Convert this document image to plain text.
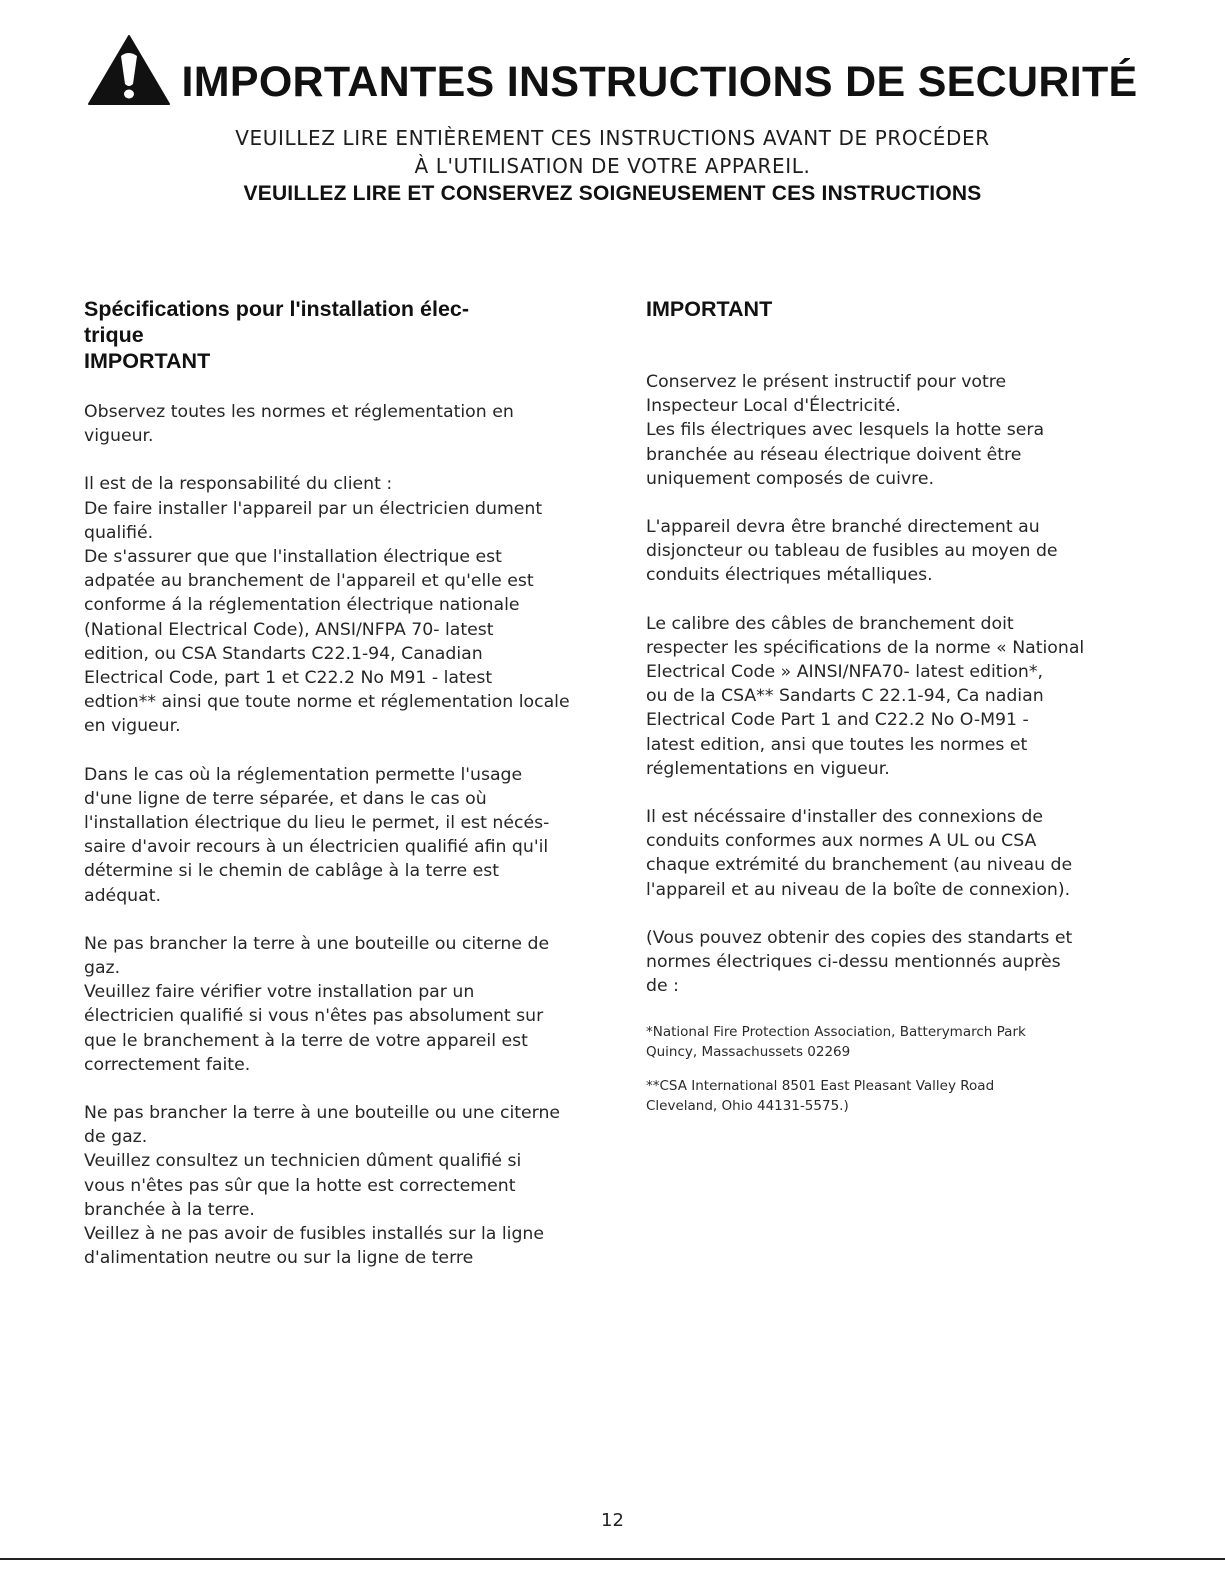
IMPORTANTES INSTRUCTIONS DE SECURITÉ
VEUILLEZ LIRE ENTIÈREMENT CES INSTRUCTIONS AVANT DE PROCÉDER
À L'UTILISATION DE VOTRE APPAREIL.
VEUILLEZ LIRE ET CONSERVEZ SOIGNEUSEMENT CES INSTRUCTIONS
Spécifications pour l'installation élec-
trique
IMPORTANT

Observez toutes les normes et réglementation en
vigueur.

Il est de la responsabilité du client :
De faire installer l'appareil par un électricien dument
qualifié.
De s'assurer que que l'installation électrique est
adpatée au branchement de l'appareil et qu'elle est
conforme á la réglementation électrique nationale
(National Electrical Code), ANSI/NFPA 70- latest
edition, ou CSA Standarts C22.1-94, Canadian
Electrical Code, part 1 et C22.2 No M91 - latest
edtion** ainsi que toute norme et réglementation locale
en vigueur.

Dans le cas où la réglementation permette l'usage
d'une ligne de terre séparée, et dans le cas où
l'installation électrique du lieu le permet, il est nécés-
saire d'avoir recours à un électricien qualifié afin qu'il
détermine si le chemin de cablâge à la terre est
adéquat.

Ne pas brancher la terre à une bouteille ou citerne de
gaz.
Veuillez faire vérifier votre installation par un
électricien qualifié si vous n'êtes pas absolument sur
que le branchement à la terre de votre appareil est
correctement faite.

Ne pas brancher la terre à une bouteille ou une citerne
de gaz.
Veuillez consultez un technicien dûment qualifié si
vous n'êtes pas sûr que la hotte est correctement
branchée à la terre.
Veillez à ne pas avoir de fusibles installés sur la ligne
d'alimentation neutre ou sur la ligne de terre

IMPORTANT

Conservez le présent instructif pour votre
Inspecteur Local d'Électricité.
Les fils électriques avec lesquels la hotte sera
branchée au réseau électrique doivent être
uniquement composés de cuivre.

L'appareil devra être branché directement au
disjoncteur ou tableau de fusibles au moyen de
conduits électriques métalliques.

Le calibre des câbles de branchement doit
respecter les spécifications de la norme « National
Electrical Code » AINSI/NFA70- latest edition*,
ou de la CSA** Sandarts C 22.1-94, Ca nadian
Electrical Code Part 1 and C22.2 No O-M91 -
latest edition, ansi que toutes les normes et
réglementations en vigueur.

Il est nécéssaire d'installer des connexions de
conduits conformes aux normes A UL ou CSA
chaque extrémité du branchement (au niveau de
l'appareil et au niveau de la boîte de connexion).

(Vous pouvez obtenir des copies des standarts et
normes électriques ci-dessu mentionnés auprès
de :

*National Fire Protection Association, Batterymarch Park
Quincy, Massachussets 02269

**CSA International 8501 East Pleasant Valley Road
Cleveland, Ohio 44131-5575.)

12
